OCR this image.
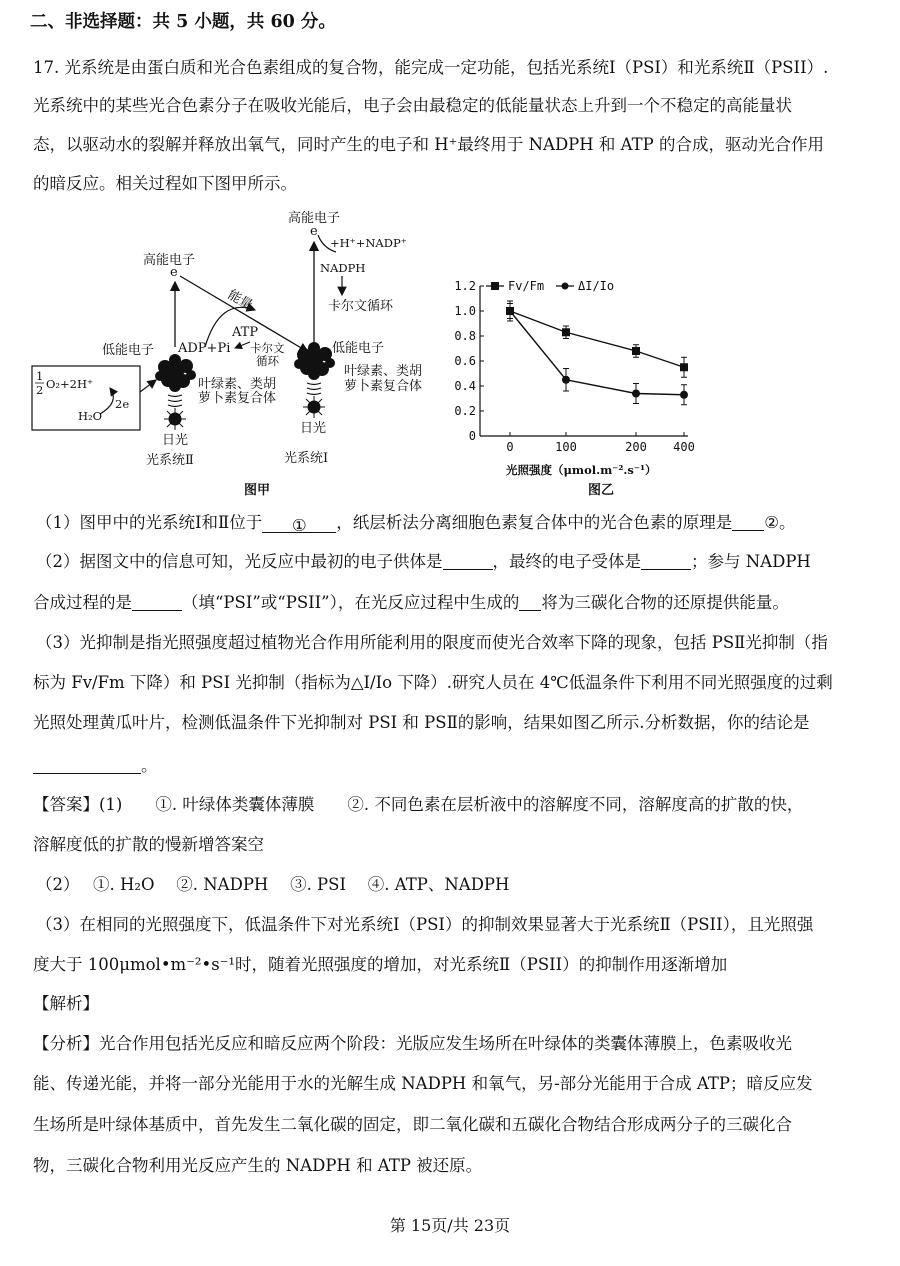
二、非选择题：共 5 小题，共 60 分。
17. 光系统是由蛋白质和光合色素组成的复合物，能完成一定功能，包括光系统Ⅰ（PSI）和光系统Ⅱ（PSII）.
光系统中的某些光合色素分子在吸收光能后，电子会由最稳定的低能量状态上升到一个不稳定的高能量状
态，以驱动水的裂解并释放出氧气，同时产生的电子和 H⁺最终用于 NADPH 和 ATP 的合成，驱动光合作用
的暗反应。相关过程如下图甲所示。
高能电子
e
+H⁺+NADP⁺
NADPH
卡尔文循环
高能电子
e
能量
ATP
ADP+Pi 卡尔文
循环
低能电子	低能电子
1
2 O₂+2H⁺
2e
H₂O
叶绿素、类胡
萝卜素复合体
日光
光系统Ⅱ
叶绿素、类胡
萝卜素复合体
日光
光系统Ⅰ
图甲
0
0.2
0.4
0.6
0.8
1.0
1.2
0	100	200 400
Fv/Fm	ΔI/Io
光照强度（μmol.m⁻².s⁻¹）
图乙
（1）图甲中的光系统Ⅰ和Ⅱ位于 ① ，纸层析法分离细胞色素复合体中的光合色素的原理是 ②。
（2）据图文中的信息可知，光反应中最初的电子供体是	，最终的电子受体是	；参与 NADPH
合成过程的是	（填“PSI”或“PSII”），在光反应过程中生成的 将为三碳化合物的还原提供能量。
（3）光抑制是指光照强度超过植物光合作用所能利用的限度而使光合效率下降的现象，包括 PSⅡ光抑制（指
标为 Fv/Fm 下降）和 PSI 光抑制（指标为△I/Io 下降）.研究人员在 4℃低温条件下利用不同光照强度的过剩
光照处理黄瓜叶片，检测低温条件下光抑制对 PSI 和 PSⅡ的影响，结果如图乙所示.分析数据，你的结论是
。
【答案】(1)　　①. 叶绿体类囊体薄膜　　②. 不同色素在层析液中的溶解度不同，溶解度高的扩散的快，
溶解度低的扩散的慢新增答案空
（2）　 ①. H₂O　 ②. NADPH　 ③. PSI　 ④. ATP、NADPH
（3）在相同的光照强度下，低温条件下对光系统Ⅰ（PSI）的抑制效果显著大于光系统Ⅱ（PSII），且光照强
度大于 100μmol•m⁻²•s⁻¹时，随着光照强度的增加，对光系统Ⅱ（PSII）的抑制作用逐渐增加
【解析】
【分析】光合作用包括光反应和暗反应两个阶段：光版应发生场所在叶绿体的类囊体薄膜上，色素吸收光
能、传递光能，并将一部分光能用于水的光解生成 NADPH 和氧气，另-部分光能用于合成 ATP；暗反应发
生场所是叶绿体基质中，首先发生二氧化碳的固定，即二氧化碳和五碳化合物结合形成两分子的三碳化合
物，三碳化合物利用光反应产生的 NADPH 和 ATP 被还原。
第 15页/共 23页
